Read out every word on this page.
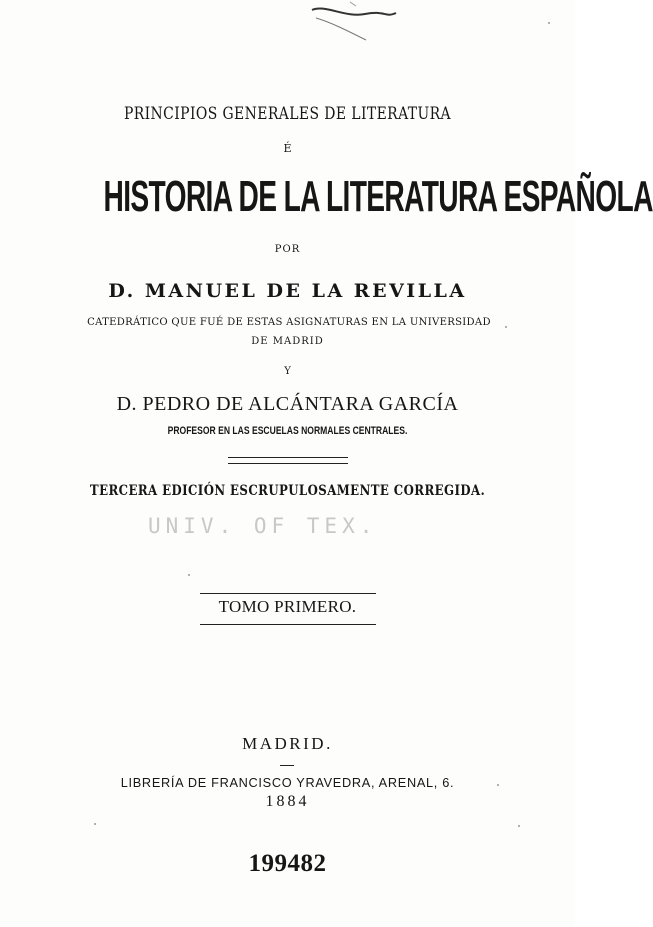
PRINCIPIOS GENERALES DE LITERATURA

É

HISTORIA DE LA LITERATURA ESPAÑOLA

POR

D. MANUEL DE LA REVILLA

CATEDRÁTICO QUE FUÉ DE ESTAS ASIGNATURAS EN LA UNIVERSIDAD

DE MADRID

Y

D. PEDRO DE ALCÁNTARA GARCÍA

PROFESOR EN LAS ESCUELAS NORMALES CENTRALES.

TERCERA EDICIÓN ESCRUPULOSAMENTE CORREGIDA.

UNIV. OF TEX.

TOMO PRIMERO.

MADRID.

LIBRERÍA DE FRANCISCO YRAVEDRA, ARENAL, 6.

1884

199482
